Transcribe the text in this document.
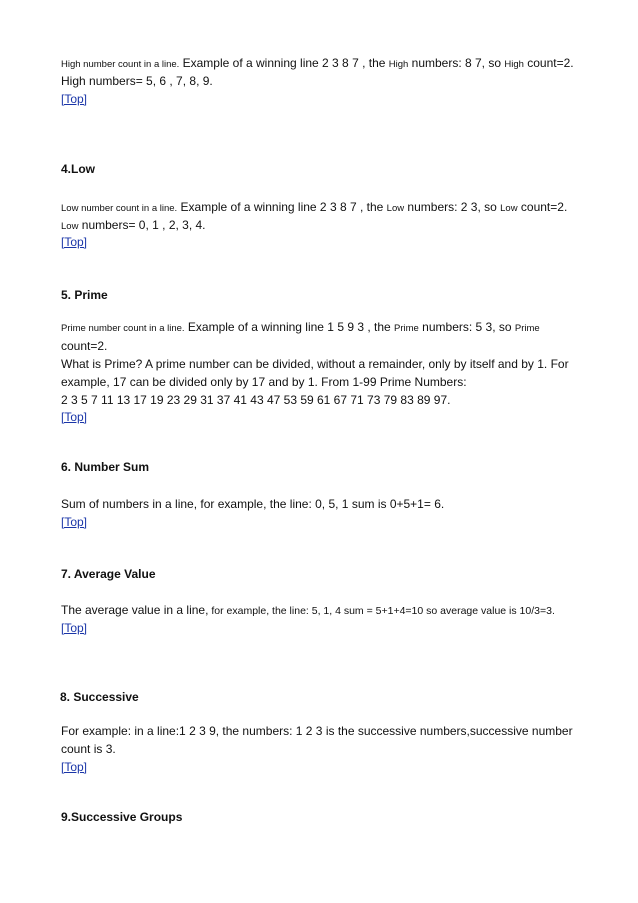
High number count in a line. Example of a winning line 2 3 8 7 , the High numbers: 8 7, so High count=2.
High numbers= 5, 6 , 7, 8, 9.
[Top]
4.Low
Low number count in a line. Example of a winning line 2 3 8 7 , the Low numbers: 2 3, so Low count=2.
Low numbers= 0, 1 , 2, 3, 4.
[Top]
5. Prime
Prime number count in a line. Example of a winning line 1 5 9 3 , the Prime numbers: 5 3, so Prime
count=2.
What is Prime? A prime number can be divided, without a remainder, only by itself and by 1. For
example, 17 can be divided only by 17 and by 1. From 1-99 Prime Numbers:
2 3 5 7 11 13 17 19 23 29 31 37 41 43 47 53 59 61 67 71 73 79 83 89 97.
[Top]
6. Number Sum
Sum of numbers in a line, for example, the line: 0, 5, 1 sum is 0+5+1= 6.
[Top]
7. Average Value
The average value in a line, for example, the line: 5, 1, 4 sum = 5+1+4=10 so average value is 10/3=3.
[Top]
8. Successive
For example: in a line:1 2 3 9, the numbers: 1 2 3 is the successive numbers,successive number
count is 3.
[Top]
9.Successive Groups
